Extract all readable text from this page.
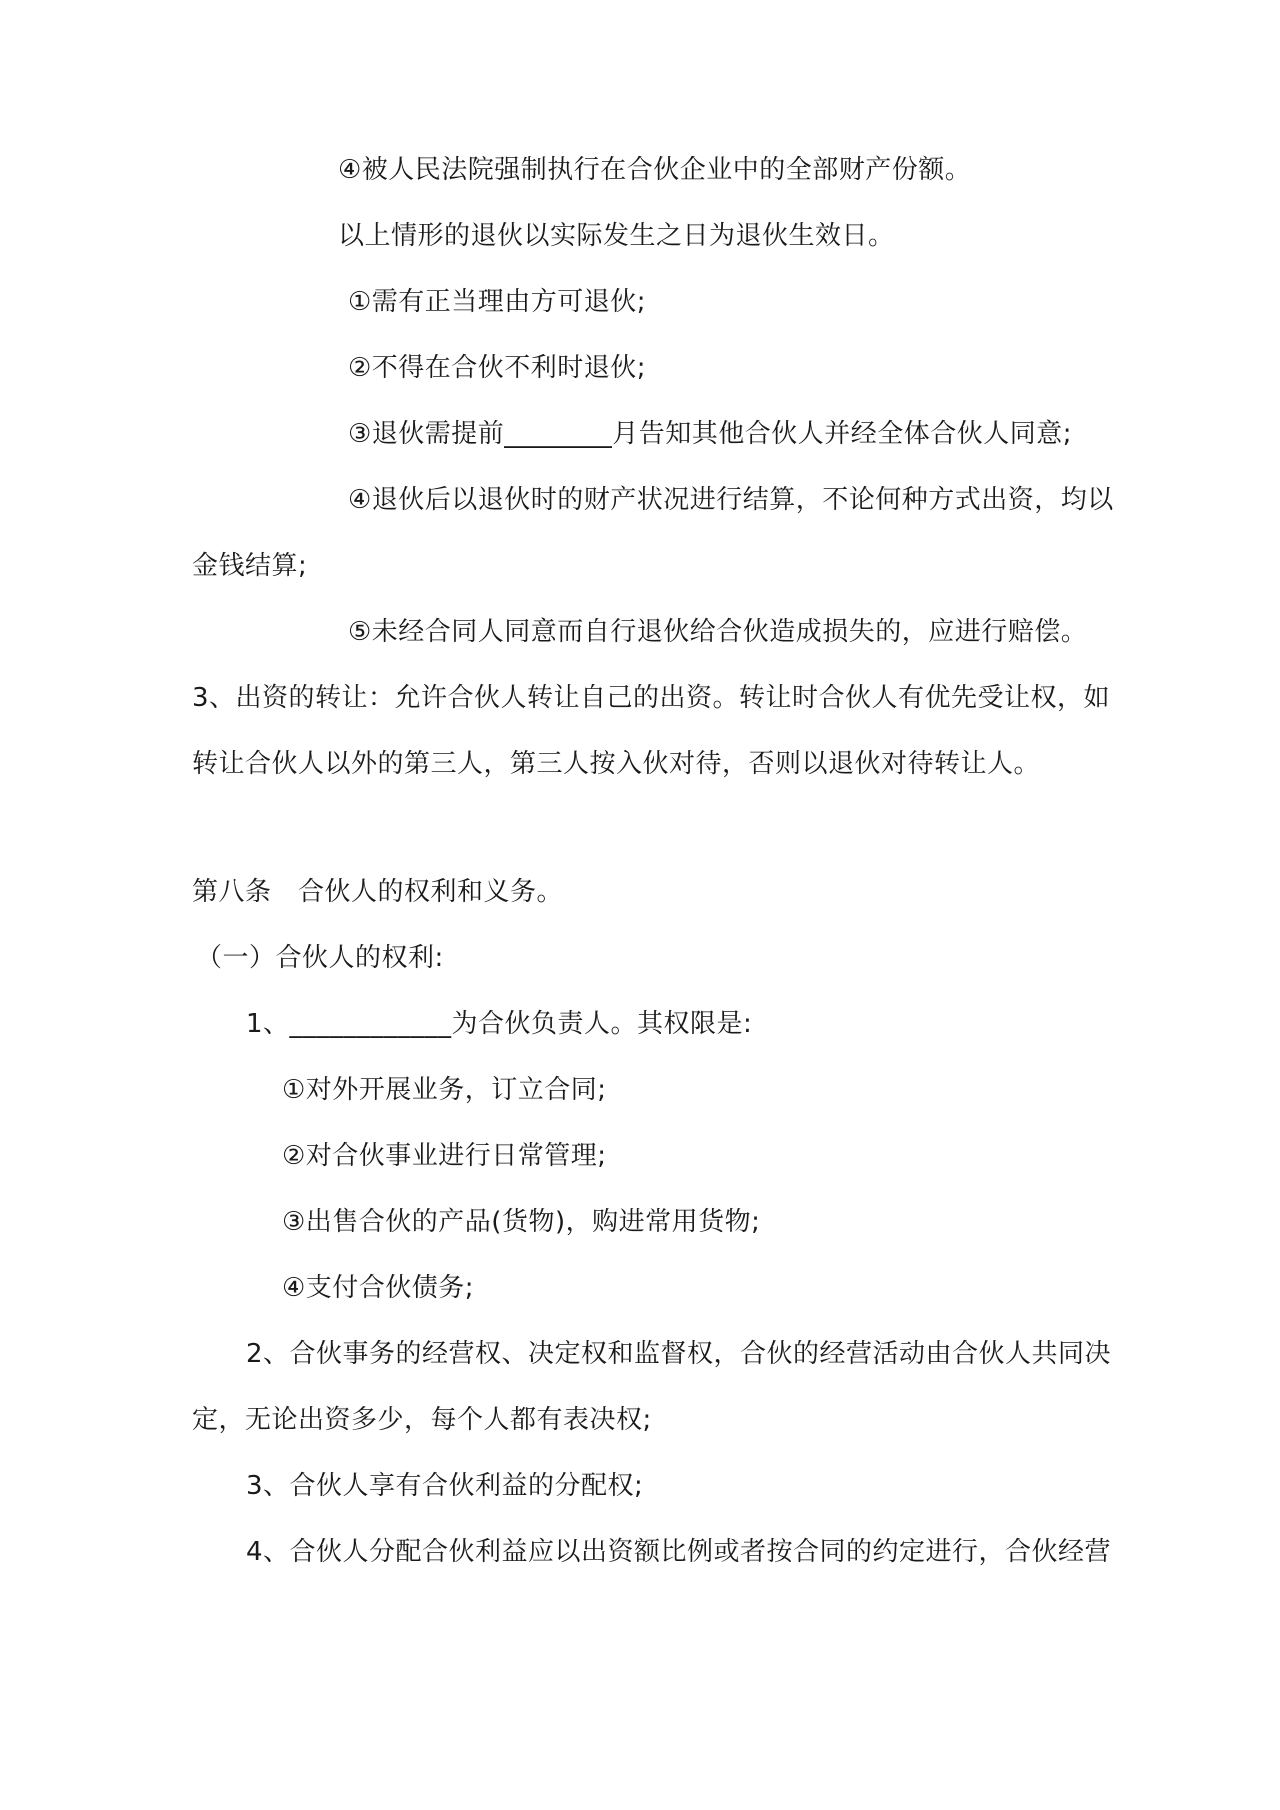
④被人民法院强制执行在合伙企业中的全部财产份额。
以上情形的退伙以实际发生之日为退伙生效日。
①需有正当理由方可退伙;
②不得在合伙不利时退伙;
③退伙需提前________月告知其他合伙人并经全体合伙人同意;
④退伙后以退伙时的财产状况进行结算，不论何种方式出资，均以
金钱结算;
⑤未经合同人同意而自行退伙给合伙造成损失的，应进行赔偿。
3、出资的转让：允许合伙人转让自己的出资。转让时合伙人有优先受让权，如
转让合伙人以外的第三人，第三人按入伙对待，否则以退伙对待转让人。
第八条　合伙人的权利和义务。
（一）合伙人的权利:
1、____________为合伙负责人。其权限是:
①对外开展业务，订立合同;
②对合伙事业进行日常管理;
③出售合伙的产品(货物)，购进常用货物;
④支付合伙债务;
2、合伙事务的经营权、决定权和监督权，合伙的经营活动由合伙人共同决
定，无论出资多少，每个人都有表决权;
3、合伙人享有合伙利益的分配权;
4、合伙人分配合伙利益应以出资额比例或者按合同的约定进行，合伙经营
